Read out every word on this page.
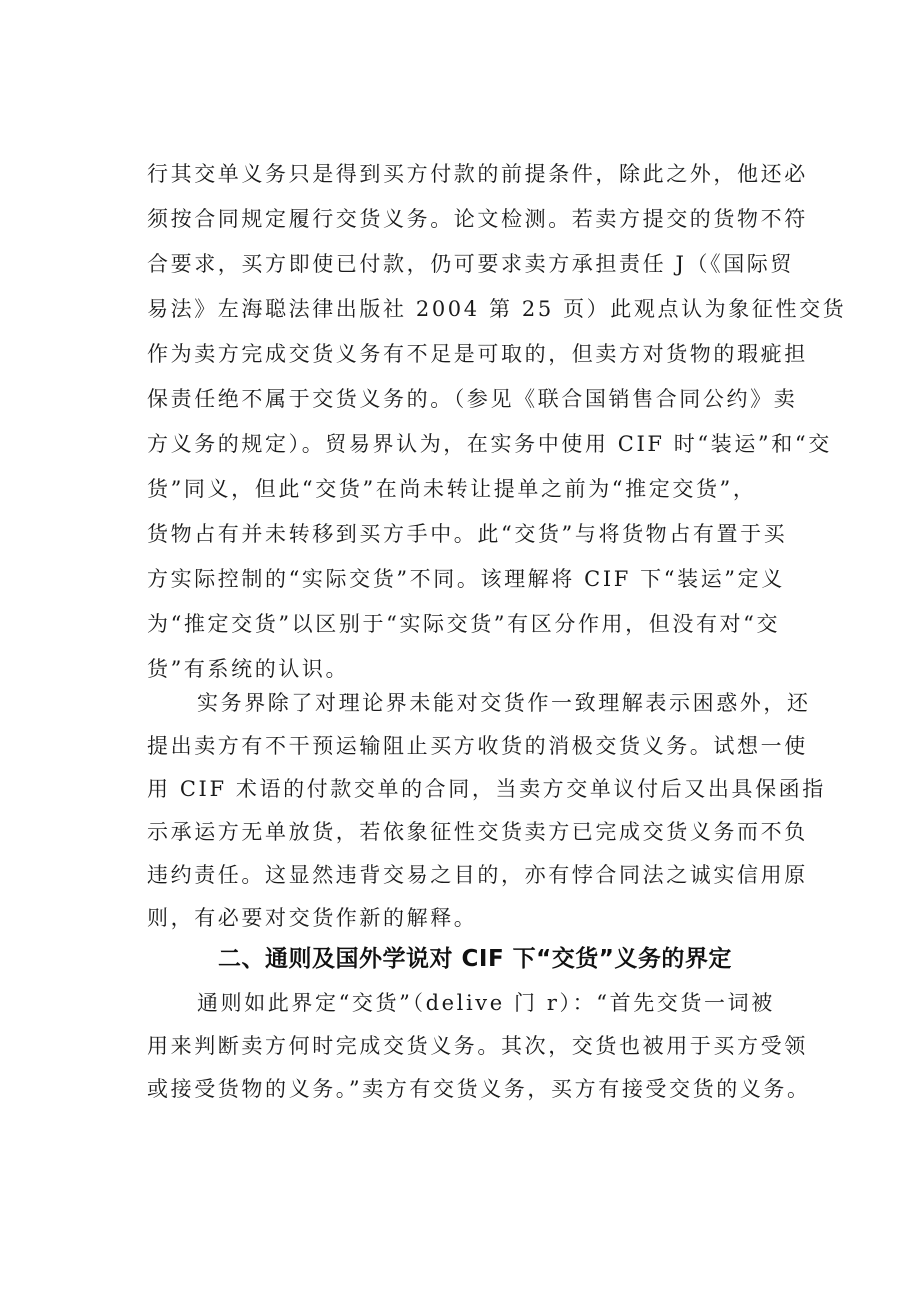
行其交单义务只是得到买方付款的前提条件，除此之外，他还必
须按合同规定履行交货义务。论文检测。若卖方提交的货物不符
合要求，买方即使已付款，仍可要求卖方承担责任 J（《国际贸
易法》左海聪法律出版社 2004 第 25 页）此观点认为象征性交货
作为卖方完成交货义务有不足是可取的，但卖方对货物的瑕疵担
保责任绝不属于交货义务的。（参见《联合国销售合同公约》卖
方义务的规定）。贸易界认为，在实务中使用 CIF 时“装运”和“交
货”同义，但此“交货”在尚未转让提单之前为“推定交货”，
货物占有并未转移到买方手中。此“交货”与将货物占有置于买
方实际控制的“实际交货”不同。该理解将 CIF 下“装运”定义
为“推定交货”以区别于“实际交货”有区分作用，但没有对“交
货”有系统的认识。
实务界除了对理论界未能对交货作一致理解表示困惑外，还
提出卖方有不干预运输阻止买方收货的消极交货义务。试想一使
用 CIF 术语的付款交单的合同，当卖方交单议付后又出具保函指
示承运方无单放货，若依象征性交货卖方已完成交货义务而不负
违约责任。这显然违背交易之目的，亦有悖合同法之诚实信用原
则，有必要对交货作新的解释。
二、通则及国外学说对 CIF 下“交货”义务的界定
通则如此界定“交货”（delive 门 r）：“首先交货一词被
用来判断卖方何时完成交货义务。其次，交货也被用于买方受领
或接受货物的义务。”卖方有交货义务，买方有接受交货的义务。
